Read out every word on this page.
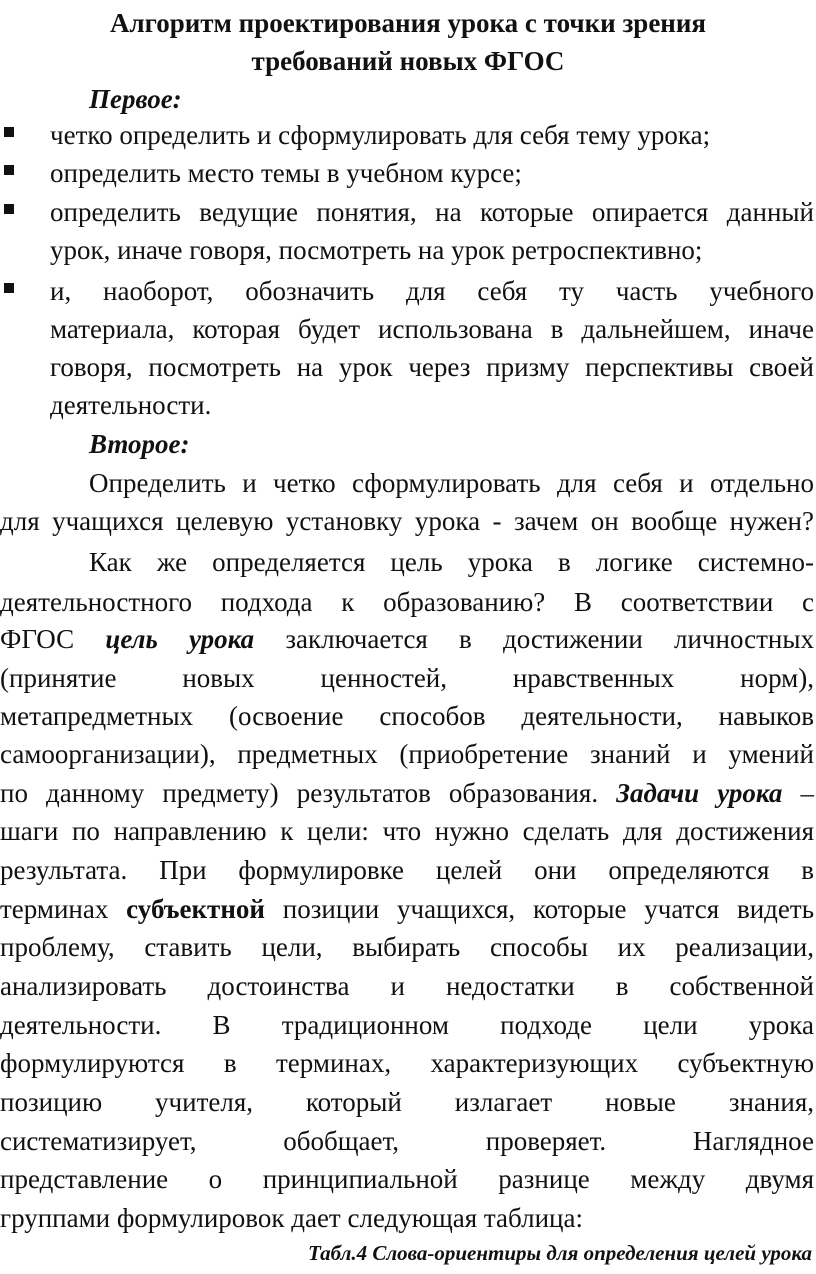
Алгоритм проектирования урока с точки зрения
требований новых ФГОС
Первое:
четко определить и сформулировать для себя тему урока;
определить место темы в учебном курсе;
определить ведущие понятия, на которые опирается данный
урок, иначе говоря, посмотреть на урок ретроспективно;
и, наоборот, обозначить для себя ту часть учебного
материала, которая будет использована в дальнейшем, иначе
говоря, посмотреть на урок через призму перспективы своей
деятельности.
Второе:
Определить и четко сформулировать для себя и отдельно
для учащихся целевую установку урока - зачем он вообще нужен?
Как же определяется цель урока в логике системно-
деятельностного подхода к образованию? В соответствии с
ФГОС цель урока заключается в достижении личностных
(принятие новых ценностей, нравственных норм),
метапредметных (освоение способов деятельности, навыков
самоорганизации), предметных (приобретение знаний и умений
по данному предмету) результатов образования. Задачи урока –
шаги по направлению к цели: что нужно сделать для достижения
результата. При формулировке целей они определяются в
терминах субъектной позиции учащихся, которые учатся видеть
проблему, ставить цели, выбирать способы их реализации,
анализировать достоинства и недостатки в собственной
деятельности. В традиционном подходе цели урока
формулируются в терминах, характеризующих субъектную
позицию учителя, который излагает новые знания,
систематизирует, обобщает, проверяет. Наглядное
представление о принципиальной разнице между двумя
группами формулировок дает следующая таблица:
Табл.4 Слова-ориентиры для определения целей урока
